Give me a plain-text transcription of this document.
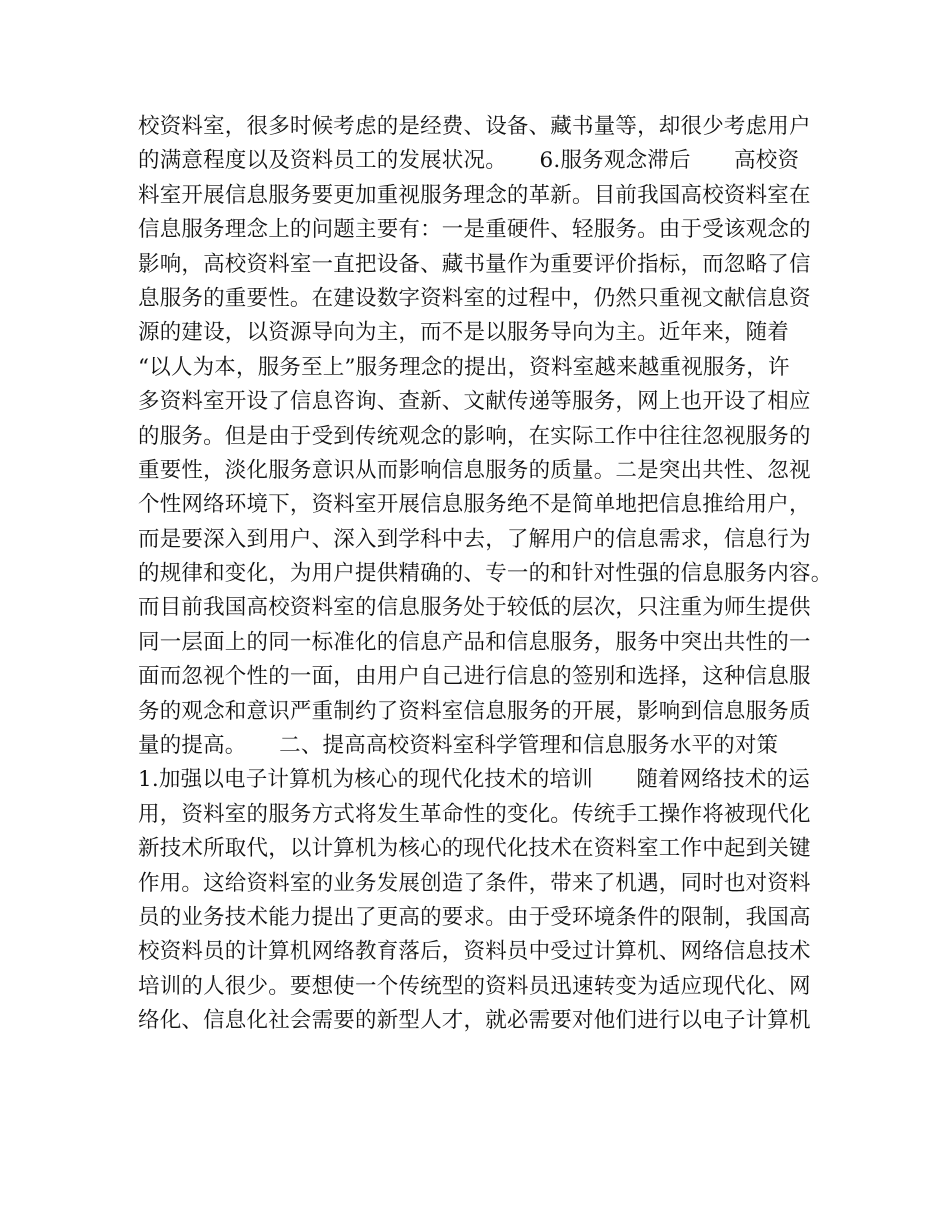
校资料室，很多时候考虑的是经费、设备、藏书量等，却很少考虑用户
的满意程度以及资料员工的发展状况。　　6.服务观念滞后　　高校资
料室开展信息服务要更加重视服务理念的革新。目前我国高校资料室在
信息服务理念上的问题主要有：一是重硬件、轻服务。由于受该观念的
影响，高校资料室一直把设备、藏书量作为重要评价指标，而忽略了信
息服务的重要性。在建设数字资料室的过程中，仍然只重视文献信息资
源的建设，以资源导向为主，而不是以服务导向为主。近年来，随着
“以人为本，服务至上”服务理念的提出，资料室越来越重视服务，许
多资料室开设了信息咨询、查新、文献传递等服务，网上也开设了相应
的服务。但是由于受到传统观念的影响，在实际工作中往往忽视服务的
重要性，淡化服务意识从而影响信息服务的质量。二是突出共性、忽视
个性网络环境下，资料室开展信息服务绝不是简单地把信息推给用户，
而是要深入到用户、深入到学科中去，了解用户的信息需求，信息行为
的规律和变化，为用户提供精确的、专一的和针对性强的信息服务内容。
而目前我国高校资料室的信息服务处于较低的层次，只注重为师生提供
同一层面上的同一标准化的信息产品和信息服务，服务中突出共性的一
面而忽视个性的一面，由用户自己进行信息的签别和选择，这种信息服
务的观念和意识严重制约了资料室信息服务的开展，影响到信息服务质
量的提高。　　二、提高高校资料室科学管理和信息服务水平的对策
1.加强以电子计算机为核心的现代化技术的培训　　随着网络技术的运
用，资料室的服务方式将发生革命性的变化。传统手工操作将被现代化
新技术所取代，以计算机为核心的现代化技术在资料室工作中起到关键
作用。这给资料室的业务发展创造了条件，带来了机遇，同时也对资料
员的业务技术能力提出了更高的要求。由于受环境条件的限制，我国高
校资料员的计算机网络教育落后，资料员中受过计算机、网络信息技术
培训的人很少。要想使一个传统型的资料员迅速转变为适应现代化、网
络化、信息化社会需要的新型人才，就必需要对他们进行以电子计算机
